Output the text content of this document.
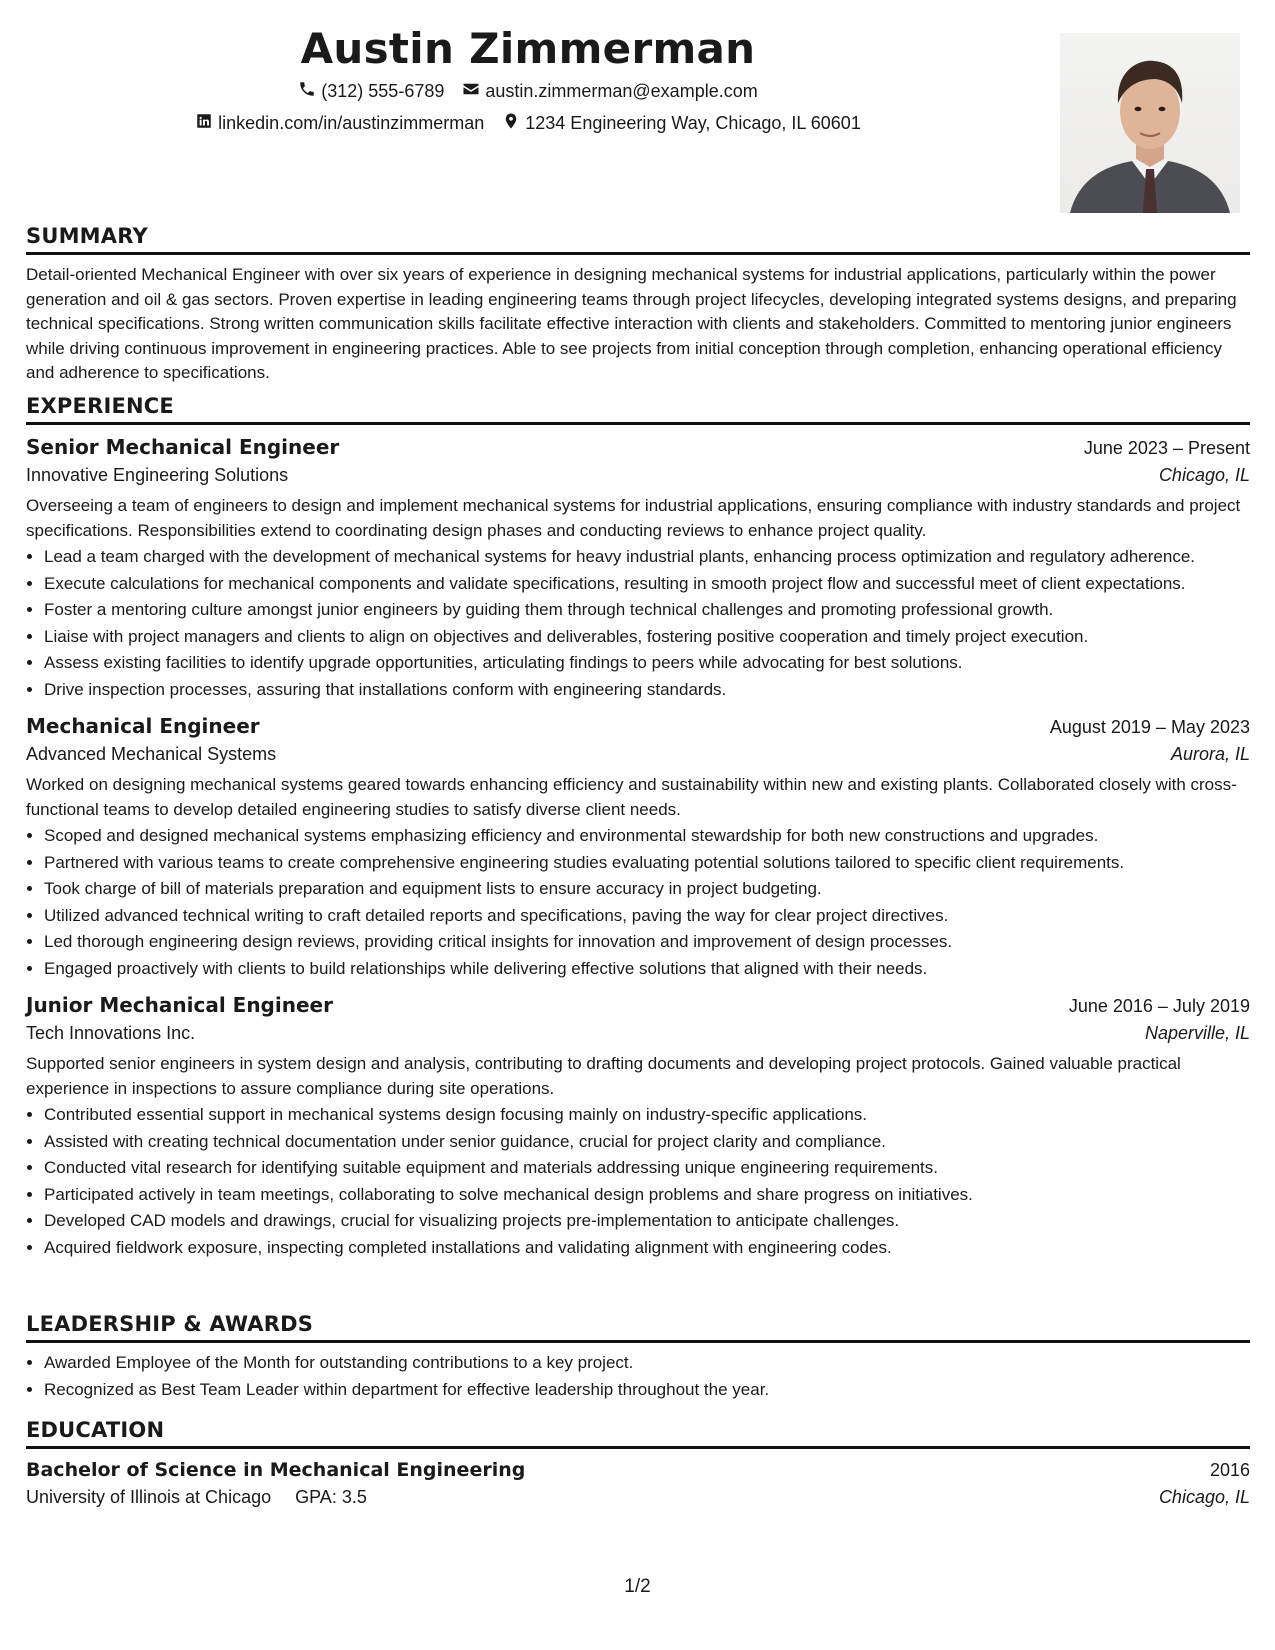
Austin Zimmerman
(312) 555-6789 austin.zimmerman@example.com
linkedin.com/in/austinzimmerman 1234 Engineering Way, Chicago, IL 60601
SUMMARY

Detail-oriented Mechanical Engineer with over six years of experience in designing mechanical systems for industrial applications, particularly within the power generation and oil & gas sectors. Proven expertise in leading engineering teams through project lifecycles, developing integrated systems designs, and preparing technical specifications. Strong written communication skills facilitate effective interaction with clients and stakeholders. Committed to mentoring junior engineers while driving continuous improvement in engineering practices. Able to see projects from initial conception through completion, enhancing operational efficiency and adherence to specifications.

EXPERIENCE
Senior Mechanical Engineer	June 2023 – Present
Innovative Engineering Solutions	Chicago, IL

Overseeing a team of engineers to design and implement mechanical systems for industrial applications, ensuring compliance with industry standards and project specifications. Responsibilities extend to coordinating design phases and conducting reviews to enhance project quality.

• Lead a team charged with the development of mechanical systems for heavy industrial plants, enhancing process optimization and regulatory adherence.
• Execute calculations for mechanical components and validate specifications, resulting in smooth project flow and successful meet of client expectations.
• Foster a mentoring culture amongst junior engineers by guiding them through technical challenges and promoting professional growth.
• Liaise with project managers and clients to align on objectives and deliverables, fostering positive cooperation and timely project execution.
• Assess existing facilities to identify upgrade opportunities, articulating findings to peers while advocating for best solutions.
• Drive inspection processes, assuring that installations conform with engineering standards.
Mechanical Engineer	August 2019 – May 2023
Advanced Mechanical Systems	Aurora, IL

Worked on designing mechanical systems geared towards enhancing efficiency and sustainability within new and existing plants. Collaborated closely with cross-functional teams to develop detailed engineering studies to satisfy diverse client needs.

• Scoped and designed mechanical systems emphasizing efficiency and environmental stewardship for both new constructions and upgrades.
• Partnered with various teams to create comprehensive engineering studies evaluating potential solutions tailored to specific client requirements.
• Took charge of bill of materials preparation and equipment lists to ensure accuracy in project budgeting.
• Utilized advanced technical writing to craft detailed reports and specifications, paving the way for clear project directives.
• Led thorough engineering design reviews, providing critical insights for innovation and improvement of design processes.
• Engaged proactively with clients to build relationships while delivering effective solutions that aligned with their needs.
Junior Mechanical Engineer	June 2016 – July 2019
Tech Innovations Inc.	Naperville, IL

Supported senior engineers in system design and analysis, contributing to drafting documents and developing project protocols. Gained valuable practical experience in inspections to assure compliance during site operations.

• Contributed essential support in mechanical systems design focusing mainly on industry-specific applications.
• Assisted with creating technical documentation under senior guidance, crucial for project clarity and compliance.
• Conducted vital research for identifying suitable equipment and materials addressing unique engineering requirements.
• Participated actively in team meetings, collaborating to solve mechanical design problems and share progress on initiatives.
• Developed CAD models and drawings, crucial for visualizing projects pre-implementation to anticipate challenges.
• Acquired fieldwork exposure, inspecting completed installations and validating alignment with engineering codes.
LEADERSHIP & AWARDS
• Awarded Employee of the Month for outstanding contributions to a key project.
• Recognized as Best Team Leader within department for effective leadership throughout the year.
EDUCATION
Bachelor of Science in Mechanical Engineering	2016
University of Illinois at Chicago GPA: 3.5	Chicago, IL
1/2
